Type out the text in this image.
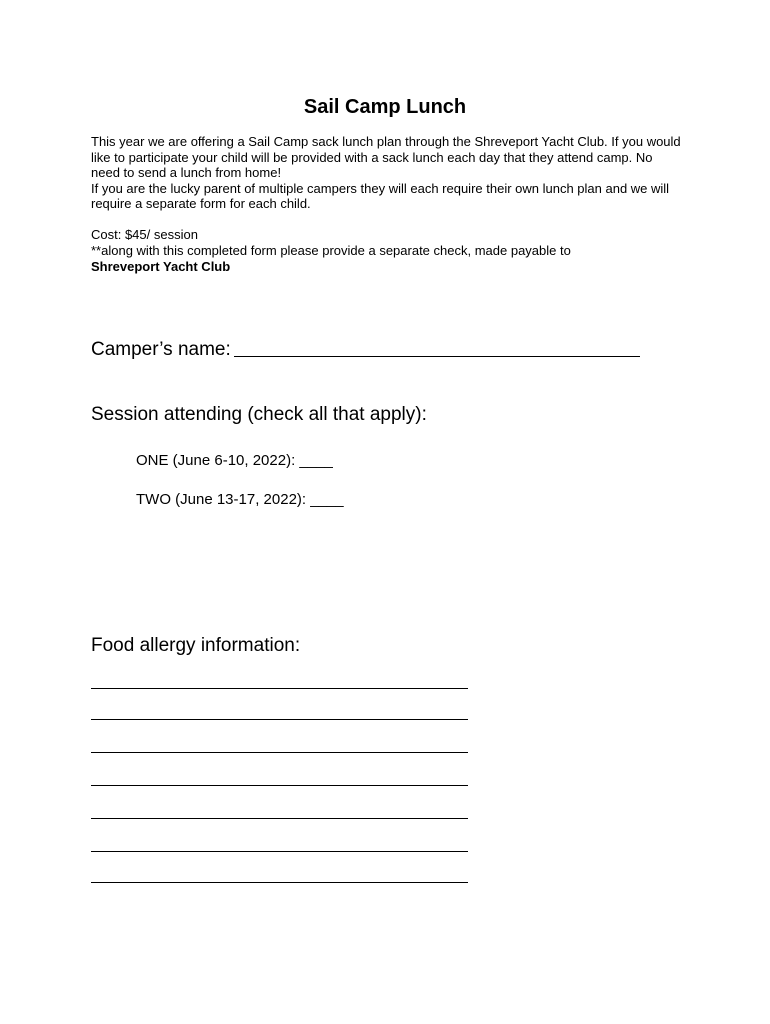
Sail Camp Lunch

This year we are offering a Sail Camp sack lunch plan through the Shreveport Yacht Club. If you would like to participate your child will be provided with a sack lunch each day that they attend camp. No need to send a lunch from home!

If you are the lucky parent of multiple campers they will each require their own lunch plan and we will require a separate form for each child.

Cost: $45/ session
**along with this completed form please provide a separate check, made payable to
Shreveport Yacht Club
Camper’s name:
Session attending (check all that apply):
ONE (June 6-10, 2022): ____
TWO (June 13-17, 2022): ____
Food allergy information:
